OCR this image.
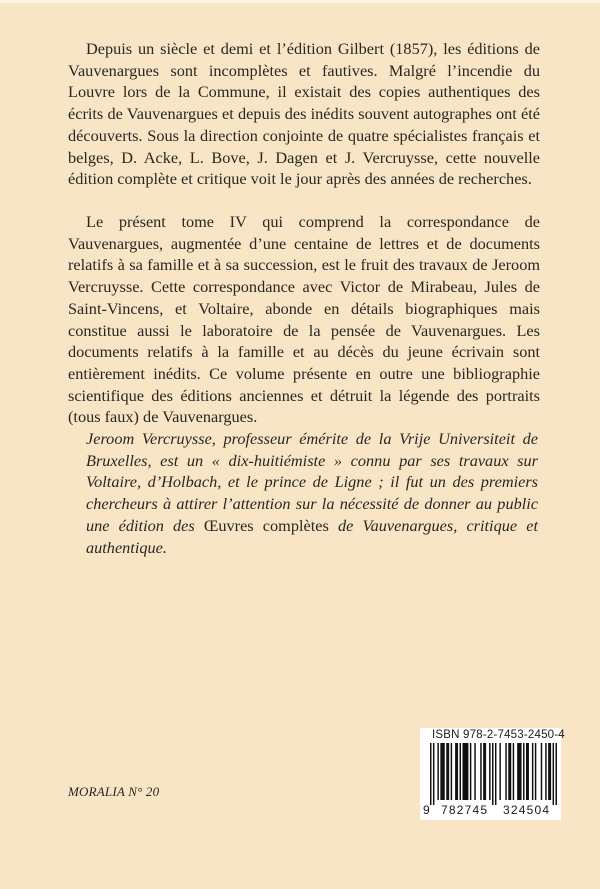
Depuis un siècle et demi et l’édition Gilbert (1857), les éditions de Vauvenargues sont incomplètes et fautives. Malgré l’incendie du Louvre lors de la Commune, il existait des copies authentiques des écrits de Vauvenargues et depuis des inédits souvent autographes ont été découverts. Sous la direction conjointe de quatre spécialistes français et belges, D. Acke, L. Bove, J. Dagen et J. Vercruysse, cette nouvelle édition complète et critique voit le jour après des années de recherches.

Le présent tome IV qui comprend la correspondance de Vauvenargues, augmentée d’une centaine de lettres et de documents relatifs à sa famille et à sa succession, est le fruit des travaux de Jeroom Vercruysse. Cette correspondance avec Victor de Mirabeau, Jules de Saint-Vincens, et Voltaire, abonde en détails biographiques mais constitue aussi le laboratoire de la pensée de Vauvenargues. Les documents relatifs à la famille et au décès du jeune écrivain sont entièrement inédits. Ce volume présente en outre une bibliographie scientifique des éditions anciennes et détruit la légende des portraits (tous faux) de Vauvenargues.

Jeroom Vercruysse, professeur émérite de la Vrije Universiteit de Bruxelles, est un « dix-huitiémiste » connu par ses travaux sur Voltaire, d’Holbach, et le prince de Ligne ; il fut un des premiers chercheurs à attirer l’attention sur la nécessité de donner au public une édition des Œuvres complètes de Vauvenargues, critique et authentique.
MORALIA N° 20
ISBN 978-2-7453-2450-4
9 782745 324504
